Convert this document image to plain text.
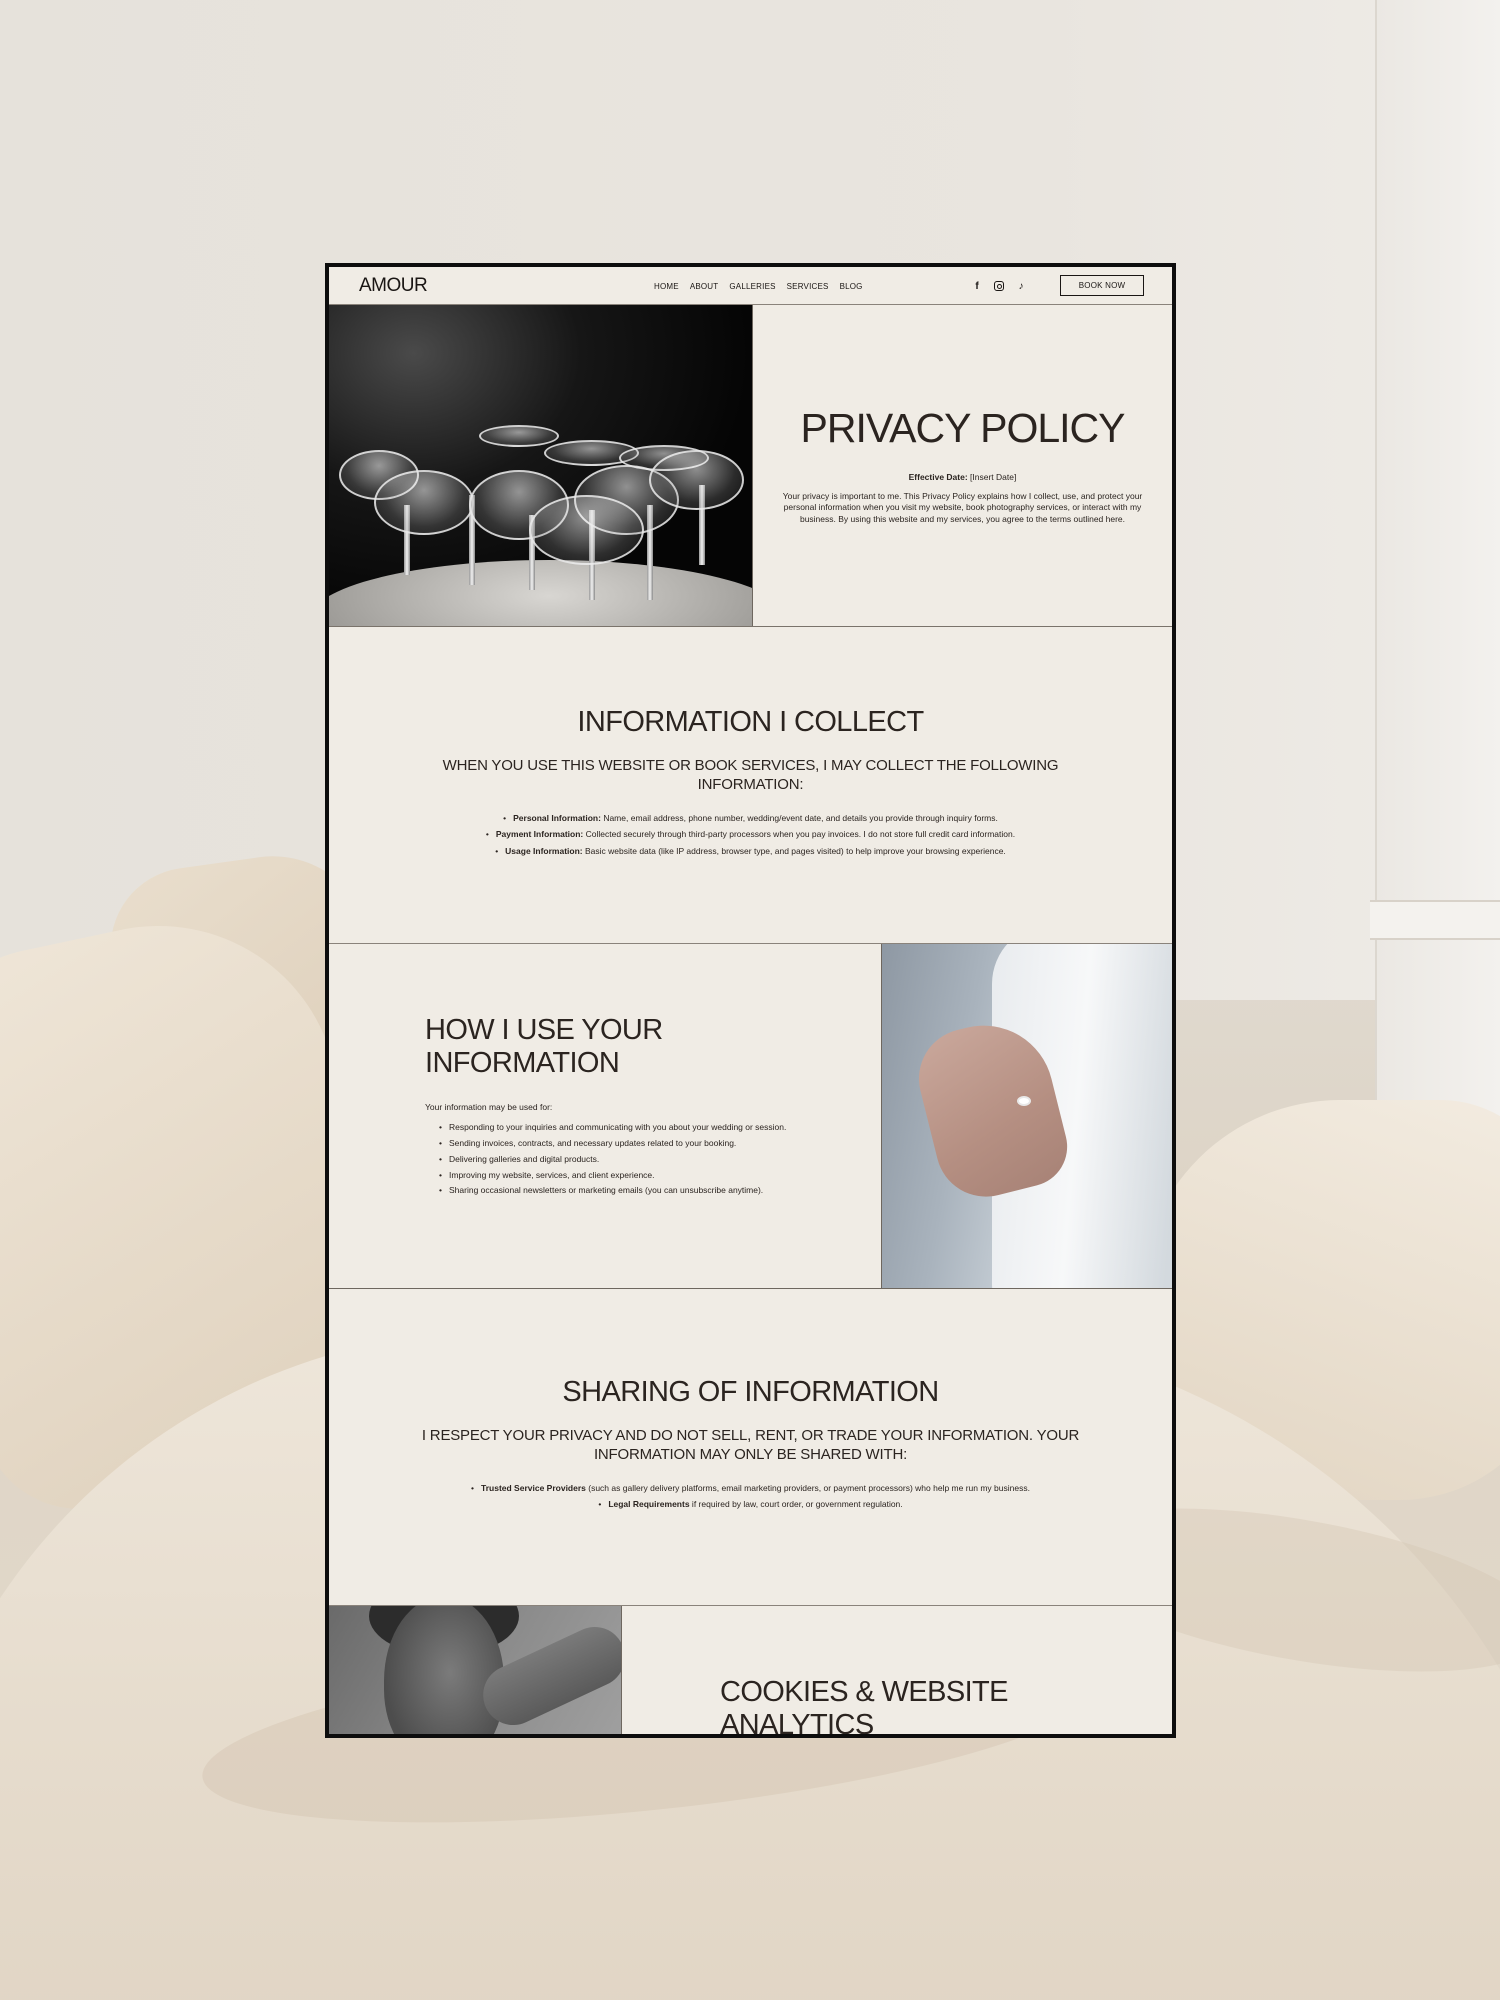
AMOUR	HOME ABOUT GALLERIES SERVICES BLOG	f	♪	BOOK NOW
PRIVACY POLICY

Effective Date: [Insert Date]

Your privacy is important to me. This Privacy Policy explains how I collect, use, and protect your personal information when you visit my website, book photography services, or interact with my business. By using this website and my services, you agree to the terms outlined here.

INFORMATION I COLLECT

WHEN YOU USE THIS WEBSITE OR BOOK SERVICES, I MAY COLLECT THE FOLLOWING INFORMATION:

• Personal Information: Name, email address, phone number, wedding/event date, and details you provide through inquiry forms.
• Payment Information: Collected securely through third-party processors when you pay invoices. I do not store full credit card information.
• Usage Information: Basic website data (like IP address, browser type, and pages visited) to help improve your browsing experience.
HOW I USE YOUR INFORMATION

Your information may be used for:

• Responding to your inquiries and communicating with you about your wedding or session.
• Sending invoices, contracts, and necessary updates related to your booking.
• Delivering galleries and digital products.
• Improving my website, services, and client experience.
• Sharing occasional newsletters or marketing emails (you can unsubscribe anytime).
SHARING OF INFORMATION

I RESPECT YOUR PRIVACY AND DO NOT SELL, RENT, OR TRADE YOUR INFORMATION. YOUR INFORMATION MAY ONLY BE SHARED WITH:

• Trusted Service Providers (such as gallery delivery platforms, email marketing providers, or payment processors) who help me run my business.
• Legal Requirements if required by law, court order, or government regulation.
COOKIES & WEBSITE ANALYTICS
